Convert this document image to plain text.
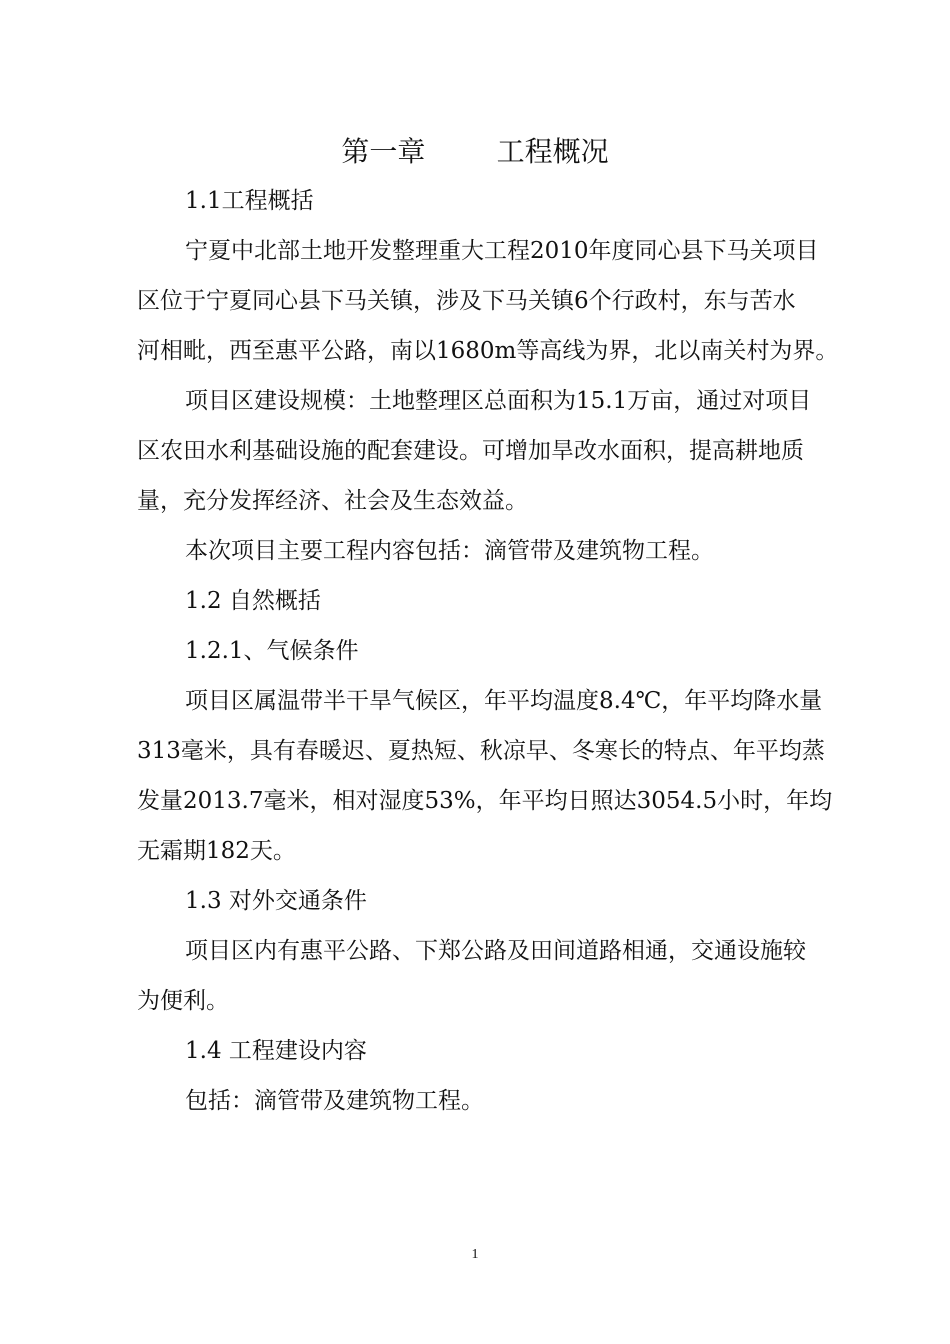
第一章        工程概况
1.1工程概括
宁夏中北部土地开发整理重大工程2010年度同心县下马关项目
区位于宁夏同心县下马关镇，涉及下马关镇6个行政村，东与苦水
河相毗，西至惠平公路，南以1680m等高线为界，北以南关村为界。
项目区建设规模：土地整理区总面积为15.1万亩，通过对项目
区农田水利基础设施的配套建设。可增加旱改水面积，提高耕地质
量，充分发挥经济、社会及生态效益。
本次项目主要工程内容包括：滴管带及建筑物工程。
1.2 自然概括
1.2.1、气候条件
项目区属温带半干旱气候区，年平均温度8.4℃，年平均降水量
313毫米，具有春暖迟、夏热短、秋凉早、冬寒长的特点、年平均蒸
发量2013.7毫米，相对湿度53%，年平均日照达3054.5小时，年均
无霜期182天。
1.3 对外交通条件
项目区内有惠平公路、下郑公路及田间道路相通，交通设施较
为便利。
1.4 工程建设内容
包括：滴管带及建筑物工程。
1
